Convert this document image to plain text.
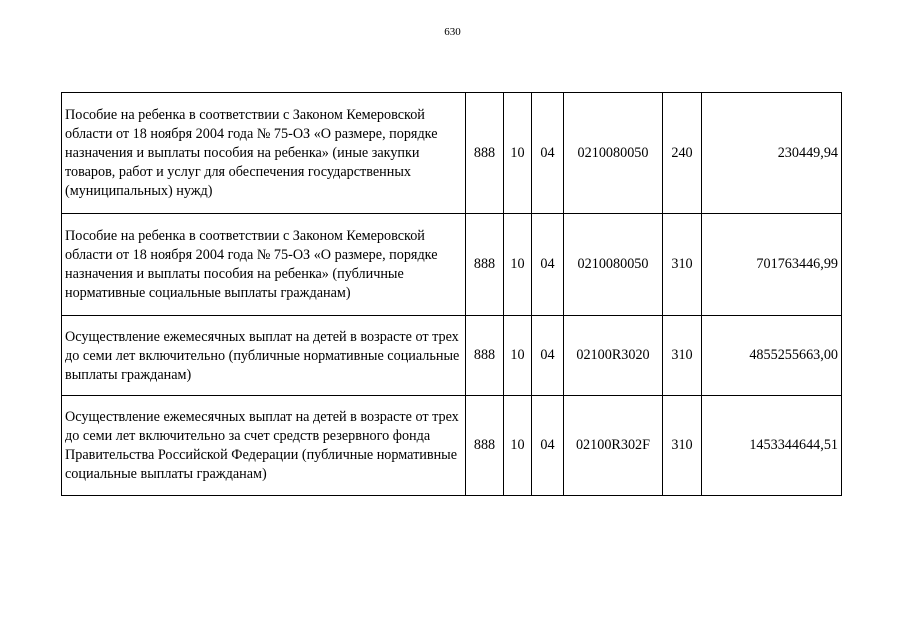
630
Пособие на ребенка в соответствии с Законом Кемеровской области от 18 ноября 2004 года № 75-ОЗ «О размере, порядке назначения и выплаты пособия на ребенка» (иные закупки товаров, работ и услуг для обеспечения государственных (муниципальных) нужд)	888	10	04	0210080050	240	230449,94

Пособие на ребенка в соответствии с Законом Кемеровской области от 18 ноября 2004 года № 75-ОЗ «О размере, порядке назначения и выплаты пособия на ребенка» (публичные нормативные социальные выплаты гражданам)	888	10	04	0210080050	310	701763446,99

Осуществление ежемесячных выплат на детей в возрасте от трех до семи лет включительно (публичные нормативные социальные выплаты гражданам)	888	10	04	02100R3020	310	4855255663,00

Осуществление ежемесячных выплат на детей в возрасте от трех до семи лет включительно за счет средств резервного фонда Правительства Российской Федерации (публичные нормативные социальные выплаты гражданам)	888	10	04	02100R302F	310	1453344644,51
